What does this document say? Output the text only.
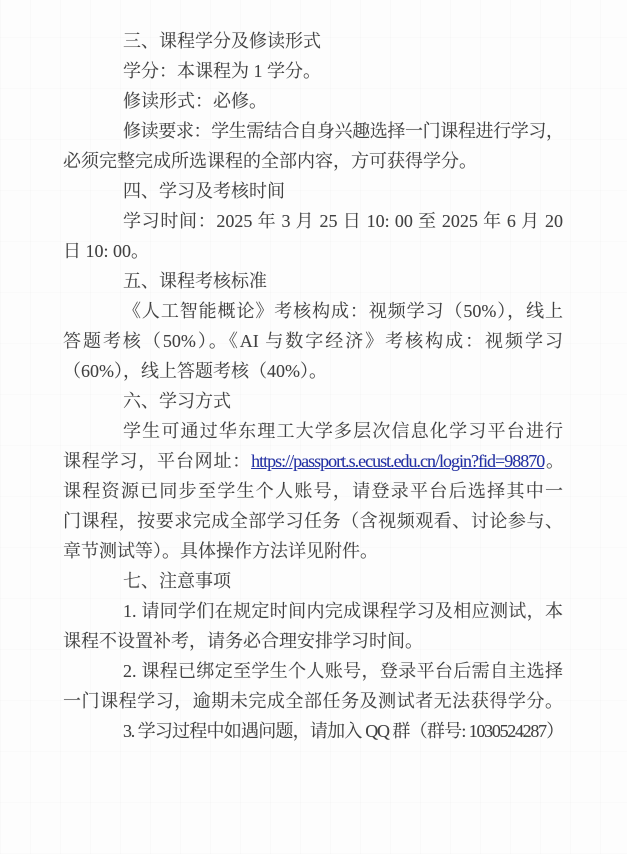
三、课程学分及修读形式
学分：本课程为 1 学分。
修读形式：必修。
修读要求：学生需结合自身兴趣选择一门课程进行学习，
必须完整完成所选课程的全部内容，方可获得学分。
四、学习及考核时间
学习时间：2025 年 3 月 25 日 10: 00 至 2025 年 6 月 20
日 10: 00。
五、课程考核标准
《人工智能概论》考核构成：视频学习（50%），线上
答题考核（50%）。《AI 与数字经济》考核构成：视频学习
（60%），线上答题考核（40%）。
六、学习方式
学生可通过华东理工大学多层次信息化学习平台进行
课程学习，平台网址：https://passport.s.ecust.edu.cn/login?fid=98870。
课程资源已同步至学生个人账号，请登录平台后选择其中一
门课程，按要求完成全部学习任务（含视频观看、讨论参与、
章节测试等）。具体操作方法详见附件。
七、注意事项
1. 请同学们在规定时间内完成课程学习及相应测试，本
课程不设置补考，请务必合理安排学习时间。
2. 课程已绑定至学生个人账号，登录平台后需自主选择
一门课程学习，逾期未完成全部任务及测试者无法获得学分。
3. 学习过程中如遇问题，请加入 QQ 群（群号: 1030524287）
